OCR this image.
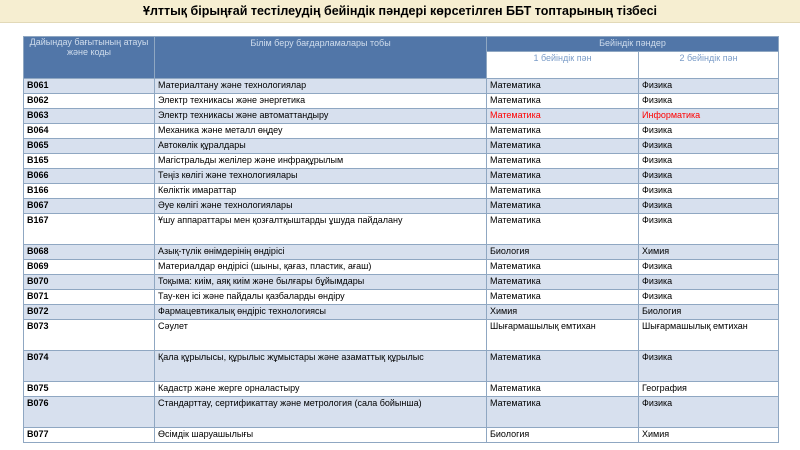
Ұлттық бірыңғай тестілеудің бейіндік пәндері көрсетілген ББТ топтарының тізбесі
Дайындау бағытының атауы және коды	Білім беру бағдарламалары тобы	Бейіндік пәндер	
		1 бейіндік пән	2 бейіндік пән
B061	Материалтану және технологиялар	Математика	Физика
B062	Электр техникасы және энергетика	Математика	Физика
B063	Электр техникасы және автоматтандыру	Математика	Информатика
B064	Механика және металл өңдеу	Математика	Физика
B065	Автокөлік құралдары	Математика	Физика
B165	Магістральды желілер және инфрақұрылым	Математика	Физика
B066	Теңіз көлігі және технологиялары	Математика	Физика
B166	Көліктік имараттар	Математика	Физика
B067	Әуе көлігі және технологиялары	Математика	Физика
B167	Ұшу аппараттары мен қозғалтқыштарды ұшуда пайдалану	Математика	Физика
B068	Азық-түлік өнімдерінің өндірісі	Биология	Химия
B069	Материалдар өндірісі (шыны, қағаз, пластик, ағаш)	Математика	Физика
B070	Тоқыма: киім, аяқ киім және былғары бұйымдары	Математика	Физика
B071	Тау-кен ісі және пайдалы қазбаларды өндіру	Математика	Физика
B072	Фармацевтикалық өндіріс технологиясы	Химия	Биология
B073	Сәулет	Шығармашылық емтихан	Шығармашылық емтихан
B074	Қала құрылысы, құрылыс жұмыстары және азаматтық құрылыс	Математика	Физика
B075	Кадастр және жерге орналастыру	Математика	География
B076	Стандарттау, сертификаттау және метрология (сала бойынша)	Математика	Физика
B077	Өсімдік шаруашылығы	Биология	Химия
